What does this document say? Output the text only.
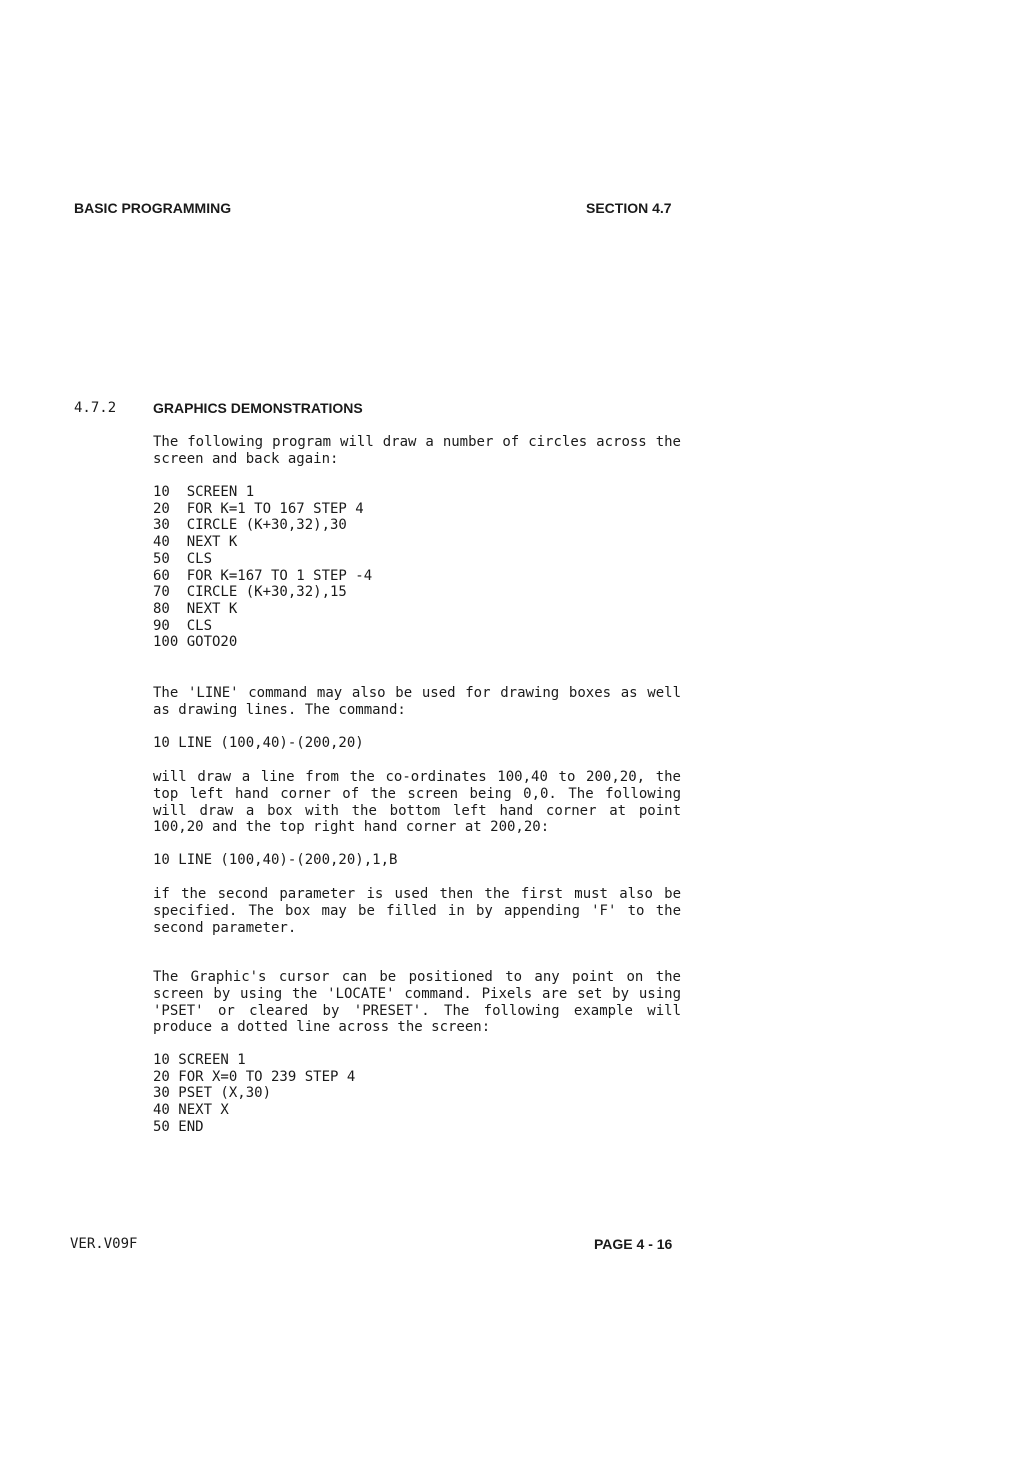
BASIC PROGRAMMING	SECTION 4.7
4.7.2	GRAPHICS DEMONSTRATIONS
The following program will draw a number of circles across the screen and back again:
10  SCREEN 1
20  FOR K=1 TO 167 STEP 4
30  CIRCLE (K+30,32),30
40  NEXT K
50  CLS
60  FOR K=167 TO 1 STEP -4
70  CIRCLE (K+30,32),15
80  NEXT K
90  CLS
100 GOTO20
The 'LINE' command may also be used for drawing boxes as well as drawing lines. The command:
10 LINE (100,40)-(200,20)
will draw a line from the co-ordinates 100,40 to 200,20, the top left hand corner of the screen being 0,0. The following will draw a box with the bottom left hand corner at point 100,20 and the top right hand corner at 200,20:
10 LINE (100,40)-(200,20),1,B
if the second parameter is used then the first must also be specified. The box may be filled in by appending 'F' to the second parameter.
The Graphic's cursor can be positioned to any point on the screen by using the 'LOCATE' command. Pixels are set by using 'PSET' or cleared by 'PRESET'. The following example will produce a dotted line across the screen:
10 SCREEN 1
20 FOR X=0 TO 239 STEP 4
30 PSET (X,30)
40 NEXT X
50 END
VER.V09F	PAGE 4 - 16
